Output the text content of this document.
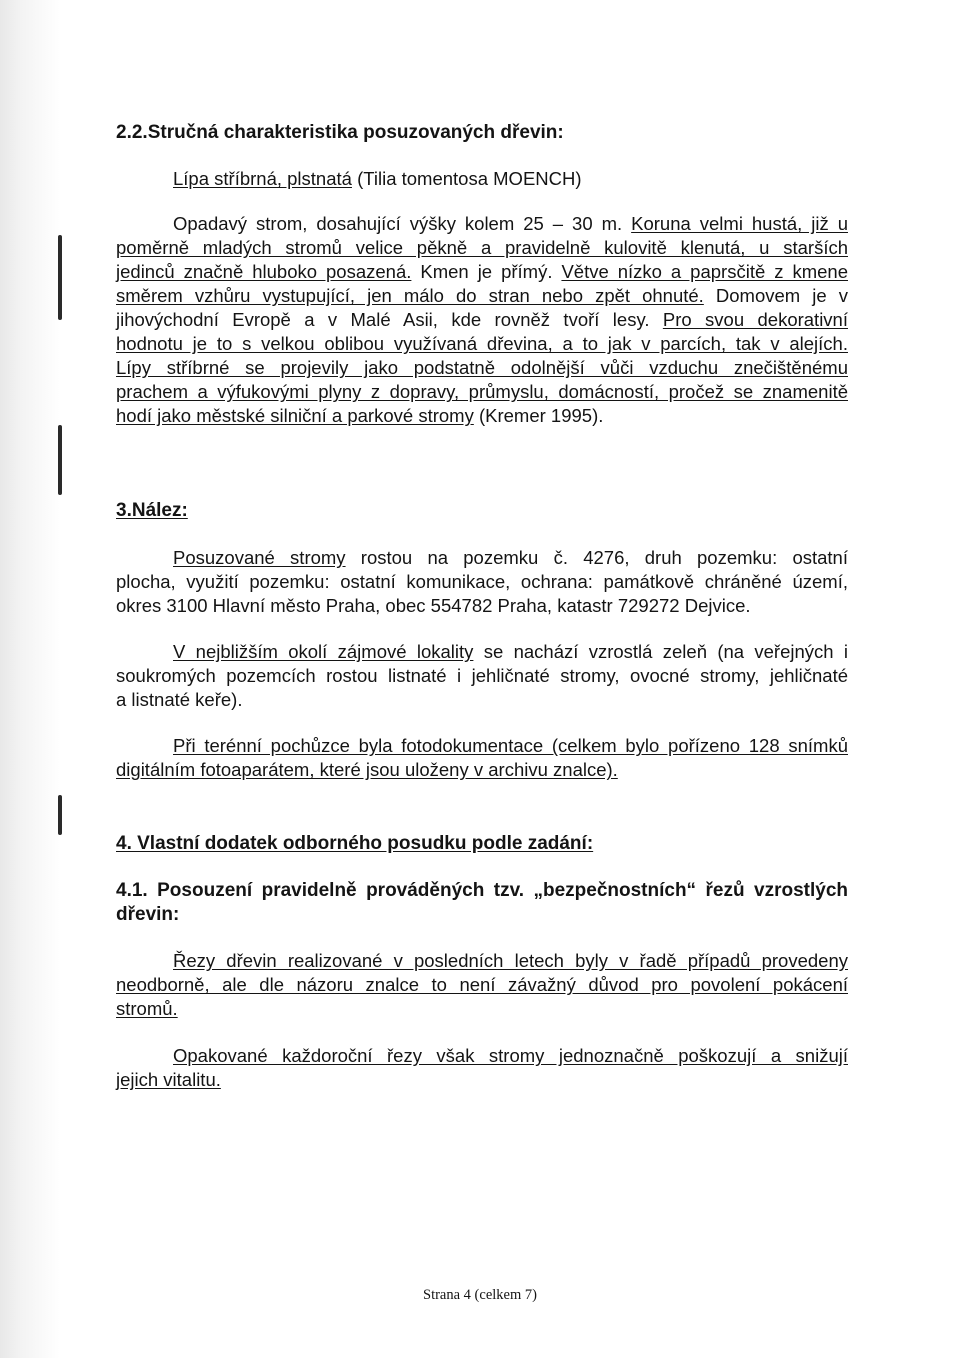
2.2.Stručná charakteristika posuzovaných dřevin:
Lípa stříbrná, plstnatá (Tilia tomentosa MOENCH)
Opadavý strom, dosahující výšky kolem 25 – 30 m. Koruna velmi hustá, již u
poměrně mladých stromů velice pěkně a pravidelně kulovitě klenutá, u starších
jedinců značně hluboko posazená. Kmen je přímý. Větve nízko a paprsčitě z kmene
směrem vzhůru vystupující, jen málo do stran nebo zpět ohnuté. Domovem je v
jihovýchodní Evropě a v Malé Asii, kde rovněž tvoří lesy. Pro svou dekorativní
hodnotu je to s velkou oblibou využívaná dřevina, a to jak v parcích, tak v alejích.
Lípy stříbrné se projevily jako podstatně odolnější vůči vzduchu znečištěnému
prachem a výfukovými plyny z dopravy, průmyslu, domácností, pročež se znamenitě
hodí jako městské silniční a parkové stromy (Kremer 1995).
3.Nález:
Posuzované stromy rostou na pozemku č. 4276, druh pozemku: ostatní
plocha, využití pozemku: ostatní komunikace, ochrana: památkově chráněné území,
okres 3100 Hlavní město Praha, obec 554782 Praha, katastr 729272 Dejvice.
V nejbližším okolí zájmové lokality se nachází vzrostlá zeleň (na veřejných i
soukromých pozemcích rostou listnaté i jehličnaté stromy, ovocné stromy, jehličnaté
a listnaté keře).
Při terénní pochůzce byla fotodokumentace (celkem bylo pořízeno 128 snímků
digitálním fotoaparátem, které jsou uloženy v archivu znalce).
4. Vlastní dodatek odborného posudku podle zadání:
4.1. Posouzení pravidelně prováděných tzv. „bezpečnostních“ řezů vzrostlých
dřevin:
Řezy dřevin realizované v posledních letech byly v řadě případů provedeny
neodborně, ale dle názoru znalce to není závažný důvod pro povolení pokácení
stromů.
Opakované každoroční řezy však stromy jednoznačně poškozují a snižují
jejich vitalitu.
Strana 4 (celkem 7)
